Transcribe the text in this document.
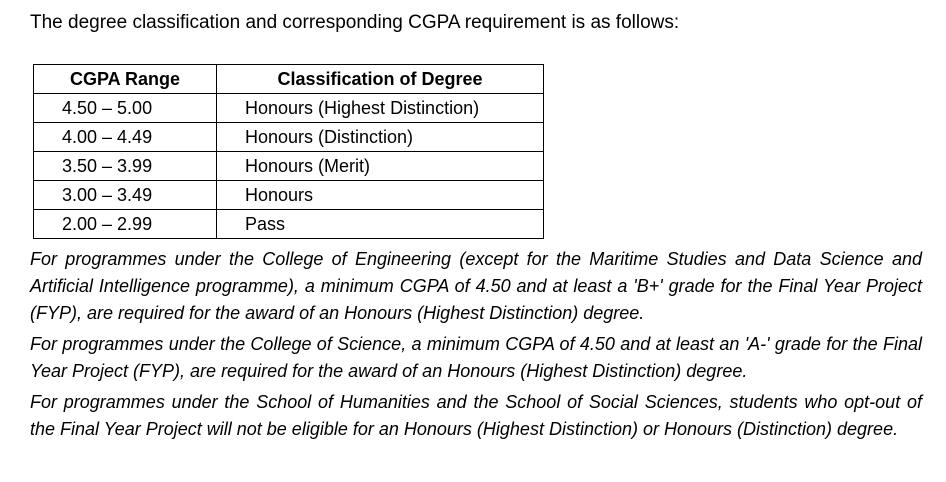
The degree classification and corresponding CGPA requirement is as follows:
CGPA Range	Classification of Degree
4.50 – 5.00	Honours (Highest Distinction)
4.00 – 4.49	Honours (Distinction)
3.50 – 3.99	Honours (Merit)
3.00 – 3.49	Honours
2.00 – 2.99	Pass

For programmes under the College of Engineering (except for the Maritime Studies and Data Science and Artificial Intelligence programme), a minimum CGPA of 4.50 and at least a 'B+' grade for the Final Year Project (FYP), are required for the award of an Honours (Highest Distinction) degree.

For programmes under the College of Science, a minimum CGPA of 4.50 and at least an 'A-' grade for the Final Year Project (FYP), are required for the award of an Honours (Highest Distinction) degree.

For programmes under the School of Humanities and the School of Social Sciences, students who opt-out of the Final Year Project will not be eligible for an Honours (Highest Distinction) or Honours (Distinction) degree.
